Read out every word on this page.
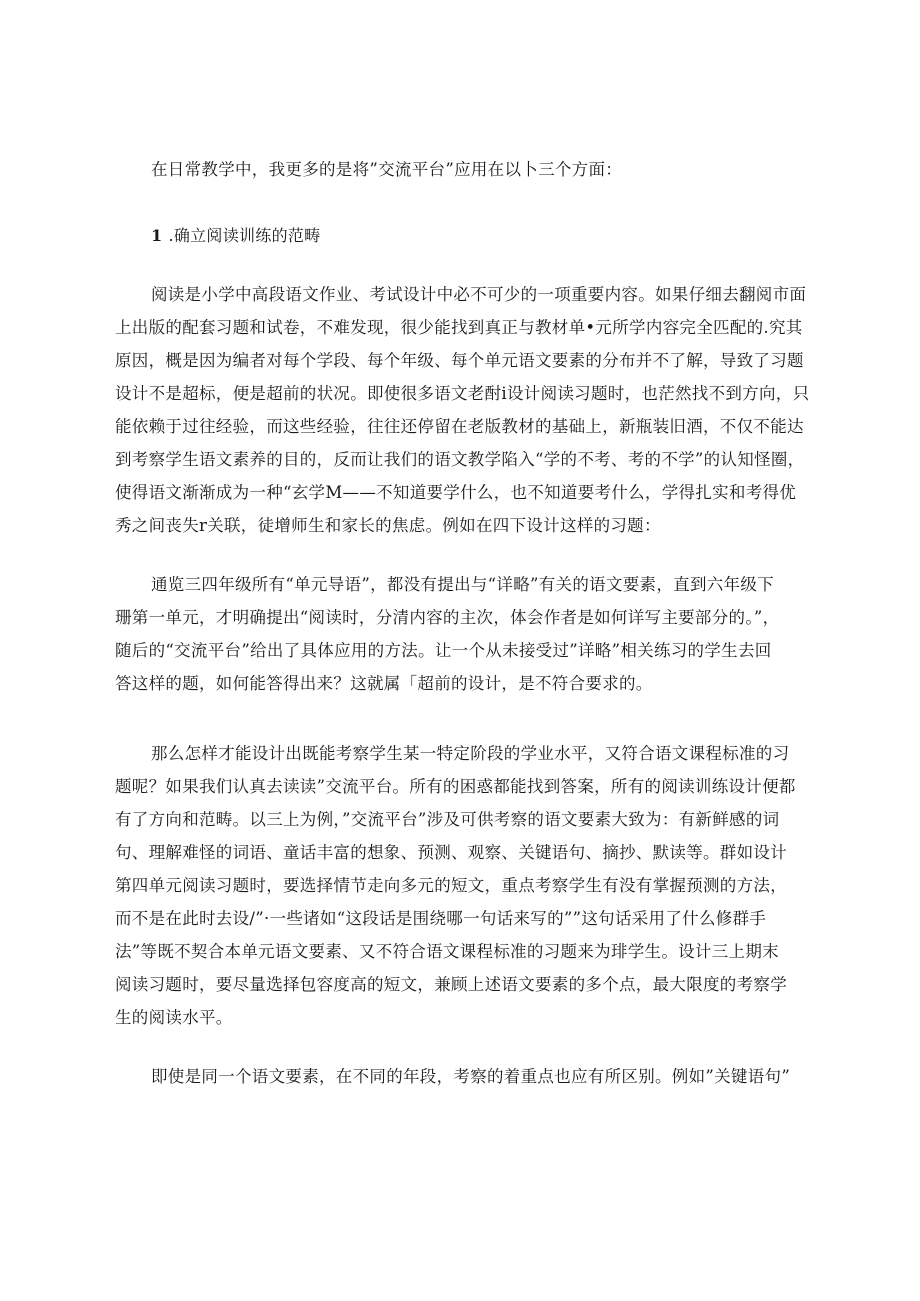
在日常教学中，我更多的是将”交流平台”应用在以卜三个方面：
1 .确立阅读训练的范畴
阅读是小学中高段语文作业、考试设计中必不可少的一项重要内容。如果仔细去翻阅市面
上出版的配套习题和试卷，不难发现，很少能找到真正与教材单•元所学内容完全匹配的.究其
原因，概是因为编者对每个学段、每个年级、每个单元语文要素的分布并不了解，导致了习题
设计不是超标，便是超前的状况。即使很多语文老酎i设计阅读习题时，也茫然找不到方向，只
能依赖于过往经验，而这些经验，往往还停留在老版教材的基础上，新瓶装旧酒，不仅不能达
到考察学生语文素养的目的，反而让我们的语文教学陷入“学的不考、考的不学”的认知怪圈，
使得语文渐渐成为一种“玄学M——不知道要学什么，也不知道要考什么，学得扎实和考得优
秀之间丧失r关联，徒增师生和家长的焦虑。例如在四下设计这样的习题：
通览三四年级所有“单元导语”，都没有提出与“详略”有关的语文要素，直到六年级下
珊第一单元，才明确提出“阅读时，分清内容的主次，体会作者是如何详写主要部分的。”，
随后的“交流平台”给出了具体应用的方法。让一个从未接受过”详略”相关练习的学生去回
答这样的题，如何能答得出来？这就属「超前的设计，是不符合要求的。
那么怎样才能设计出既能考察学生某一特定阶段的学业水平，又符合语文课程标准的习
题呢？如果我们认真去读读”交流平台。所有的困惑都能找到答案，所有的阅读训练设计便都
有了方向和范畴。以三上为例，”交流平台”涉及可供考察的语文要素大致为：有新鲜感的词
句、理解难怪的词语、童话丰富的想象、预测、观察、关键语句、摘抄、默读等。群如设计
第四单元阅读习题时，要选择情节走向多元的短文，重点考察学生有没有掌握预测的方法，
而不是在此时去设/”·一些诸如“这段话是围绕哪一句话来写的””这句话采用了什么修群手
法”等既不契合本单元语文要素、又不符合语文课程标准的习题来为琲学生。设计三上期末
阅读习题时，要尽量选择包容度高的短文，兼顾上述语文要素的多个点，最大限度的考察学
生的阅读水平。
即使是同一个语文要素，在不同的年段，考察的着重点也应有所区别。例如”关键语句”
